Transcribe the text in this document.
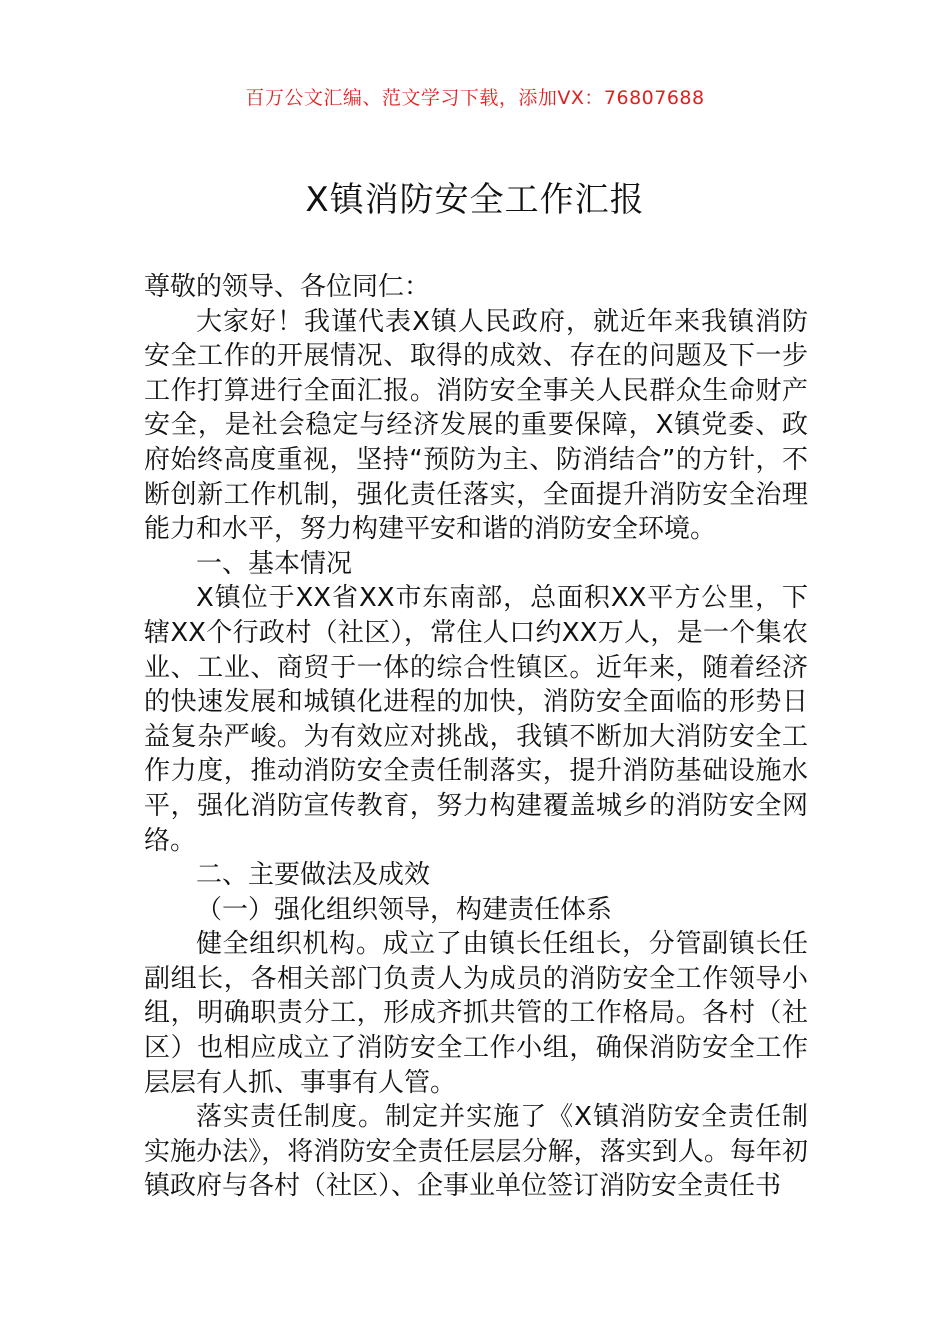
百万公文汇编、范文学习下载，添加VX：76807688
X镇消防安全工作汇报

尊敬的领导、各位同仁：

大家好！我谨代表X镇人民政府，就近年来我镇消防安全工作的开展情况、取得的成效、存在的问题及下一步工作打算进行全面汇报。消防安全事关人民群众生命财产安全，是社会稳定与经济发展的重要保障，X镇党委、政府始终高度重视，坚持“预防为主、防消结合”的方针，不断创新工作机制，强化责任落实，全面提升消防安全治理能力和水平，努力构建平安和谐的消防安全环境。

一、基本情况

X镇位于XX省XX市东南部，总面积XX平方公里，下辖XX个行政村（社区），常住人口约XX万人，是一个集农业、工业、商贸于一体的综合性镇区。近年来，随着经济的快速发展和城镇化进程的加快，消防安全面临的形势日益复杂严峻。为有效应对挑战，我镇不断加大消防安全工作力度，推动消防安全责任制落实，提升消防基础设施水平，强化消防宣传教育，努力构建覆盖城乡的消防安全网络。

二、主要做法及成效

（一）强化组织领导，构建责任体系

健全组织机构。成立了由镇长任组长，分管副镇长任副组长，各相关部门负责人为成员的消防安全工作领导小组，明确职责分工，形成齐抓共管的工作格局。各村（社区）也相应成立了消防安全工作小组，确保消防安全工作层层有人抓、事事有人管。

落实责任制度。制定并实施了《X镇消防安全责任制实施办法》，将消防安全责任层层分解，落实到人。每年初镇政府与各村（社区）、企事业单位签订消防安全责任书
